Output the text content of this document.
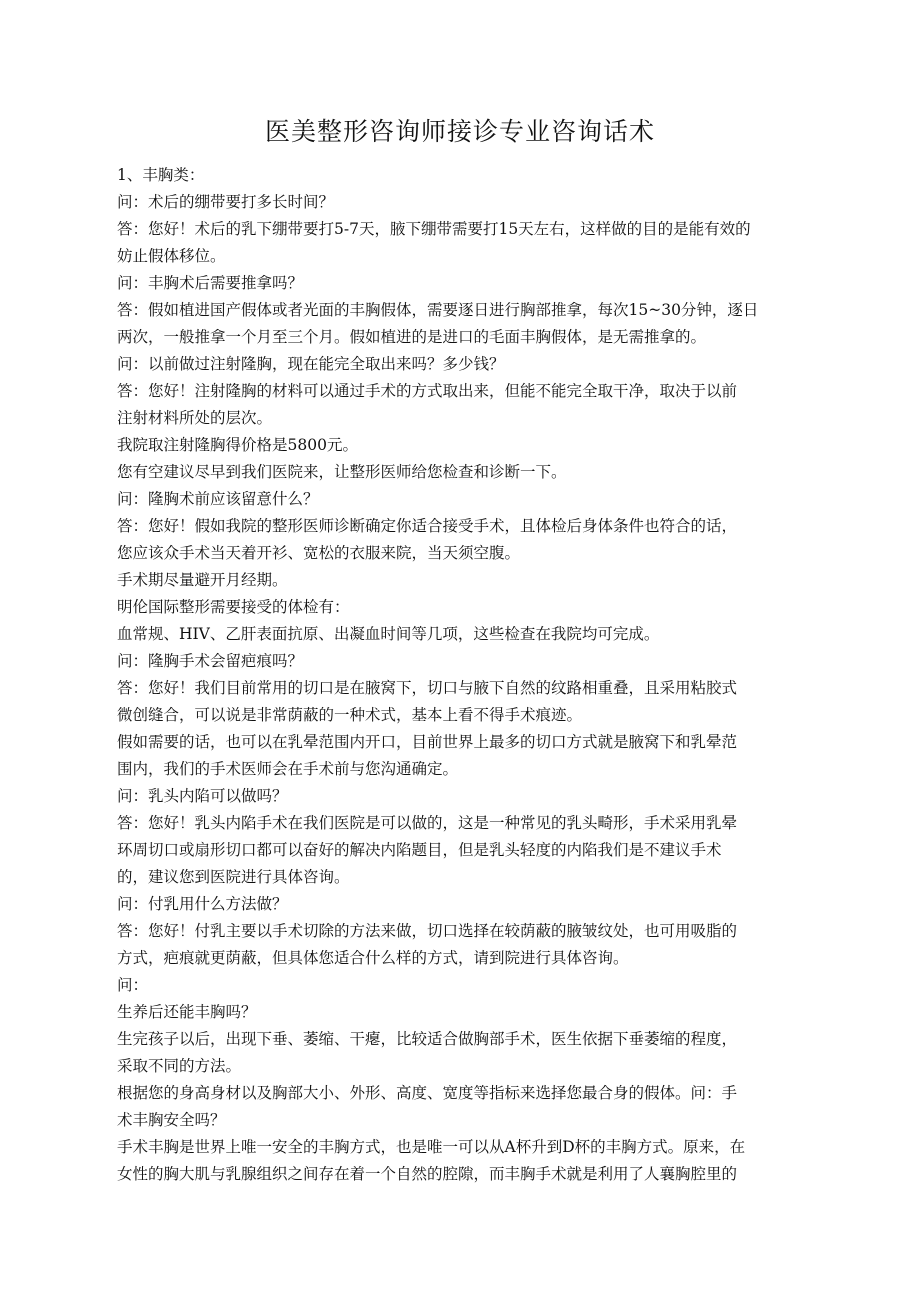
医美整形咨询师接诊专业咨询话术
1、丰胸类：
问：术后的绷带要打多长时间？
答：您好！术后的乳下绷带要打5-7天，腋下绷带需要打15天左右，这样做的目的是能有效的
妨止假体移位。
问：丰胸术后需要推拿吗？
答：假如植进国产假体或者光面的丰胸假体，需要逐日进行胸部推拿，每次15~30分钟，逐日
两次，一般推拿一个月至三个月。假如植进的是进口的毛面丰胸假体，是无需推拿的。
问：以前做过注射隆胸，现在能完全取出来吗？多少钱？
答：您好！注射隆胸的材料可以通过手术的方式取出来，但能不能完全取干净，取决于以前
注射材料所处的层次。
我院取注射隆胸得价格是5800元。
您有空建议尽早到我们医院来，让整形医师给您检查和诊断一下。
问：隆胸术前应该留意什么？
答：您好！假如我院的整形医师诊断确定你适合接受手术，且体检后身体条件也符合的话，
您应该众手术当天着开衫、宽松的衣服来院，当天须空腹。
手术期尽量避开月经期。
明伦国际整形需要接受的体检有：
血常规、HIV、乙肝表面抗原、出凝血时间等几项，这些检查在我院均可完成。
问：隆胸手术会留疤痕吗？
答：您好！我们目前常用的切口是在腋窝下，切口与腋下自然的纹路相重叠，且采用粘胶式
微创缝合，可以说是非常荫蔽的一种术式，基本上看不得手术痕迹。
假如需要的话，也可以在乳晕范围内开口，目前世界上最多的切口方式就是腋窝下和乳晕范
围内，我们的手术医师会在手术前与您沟通确定。
问：乳头内陷可以做吗？
答：您好！乳头内陷手术在我们医院是可以做的，这是一种常见的乳头畸形，手术采用乳晕
环周切口或扇形切口都可以奋好的解决内陷题目，但是乳头轻度的内陷我们是不建议手术
的，建议您到医院进行具体咨询。
问：付乳用什么方法做？
答：您好！付乳主要以手术切除的方法来做，切口选择在较荫蔽的腋皱纹处，也可用吸脂的
方式，疤痕就更荫蔽，但具体您适合什么样的方式，请到院进行具体咨询。
问：
生养后还能丰胸吗？
生完孩子以后，出现下垂、萎缩、干瘪，比较适合做胸部手术，医生依据下垂萎缩的程度，
采取不同的方法。
根据您的身高身材以及胸部大小、外形、高度、宽度等指标来选择您最合身的假体。问：手
术丰胸安全吗？
手术丰胸是世界上唯一安全的丰胸方式，也是唯一可以从A杯升到D杯的丰胸方式。原来，在
女性的胸大肌与乳腺组织之间存在着一个自然的腔隙，而丰胸手术就是利用了人襄胸腔里的
